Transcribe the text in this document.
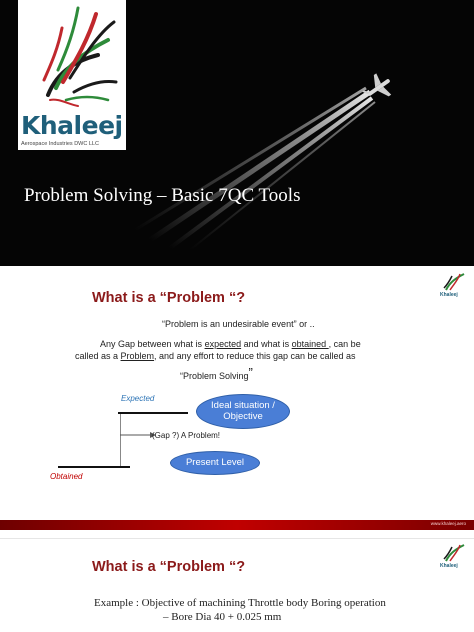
Khaleej
Aerospace Industries DWC LLC
Problem Solving – Basic 7QC Tools
Khaleej
What is a “Problem “?
“Problem is an undesirable event” or ..
Any Gap between what is expected and what is obtained , can be
called as a Problem, and any effort to reduce this gap can be called as
“Problem Solving”
Expected
(Gap ?) A Problem!
Obtained
Ideal situation / Objective
Present Level
www.khaleej.aero
Khaleej
What is a “Problem “?
Example : Objective of machining Throttle body Boring operation
– Bore Dia 40 + 0.025 mm
